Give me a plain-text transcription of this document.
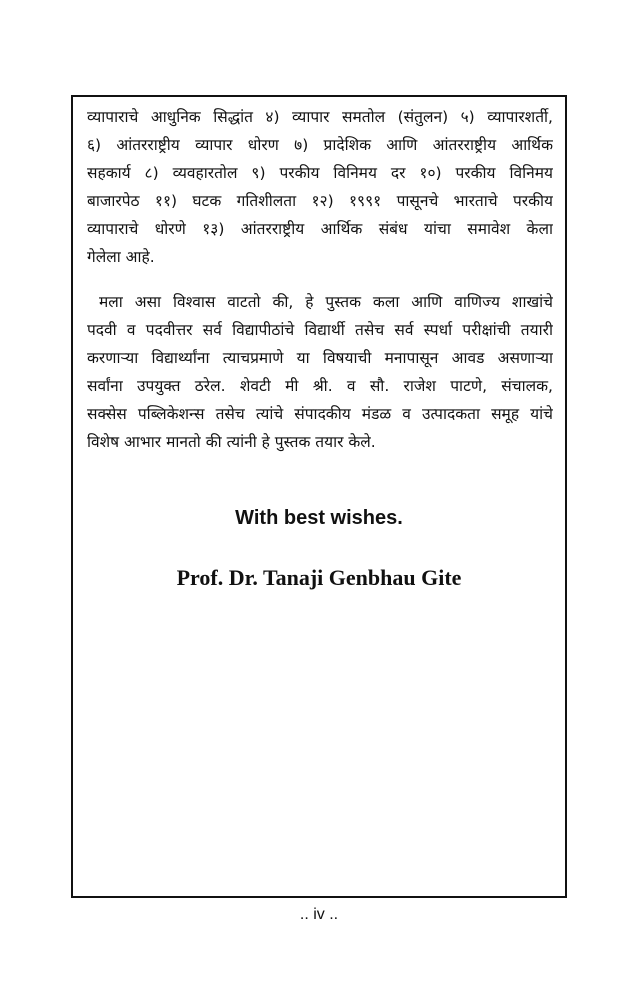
व्यापाराचे आधुनिक सिद्धांत ४) व्यापार समतोल (संतुलन) ५) व्यापारशर्ती,
६) आंतरराष्ट्रीय व्यापार धोरण ७) प्रादेशिक आणि आंतरराष्ट्रीय आर्थिक
सहकार्य ८) व्यवहारतोल ९) परकीय विनिमय दर १०) परकीय विनिमय
बाजारपेठ ११) घटक गतिशीलता १२) १९९१ पासूनचे भारताचे परकीय
व्यापाराचे धोरणे १३) आंतरराष्ट्रीय आर्थिक संबंध यांचा समावेश केला
गेलेला आहे.
मला असा विश्वास वाटतो की, हे पुस्तक कला आणि वाणिज्य शाखांचे
पदवी व पदवीत्तर सर्व विद्यापीठांचे विद्यार्थी तसेच सर्व स्पर्धा परीक्षांची तयारी
करणाऱ्या विद्यार्थ्यांना त्याचप्रमाणे या विषयाची मनापासून आवड असणाऱ्या
सर्वांना उपयुक्त ठरेल. शेवटी मी श्री. व सौ. राजेश पाटणे, संचालक,
सक्सेस पब्लिकेशन्स तसेच त्यांचे संपादकीय मंडळ व उत्पादकता समूह यांचे
विशेष आभार मानतो की त्यांनी हे पुस्तक तयार केले.
With best wishes.
Prof. Dr. Tanaji Genbhau Gite
.. iv ..
